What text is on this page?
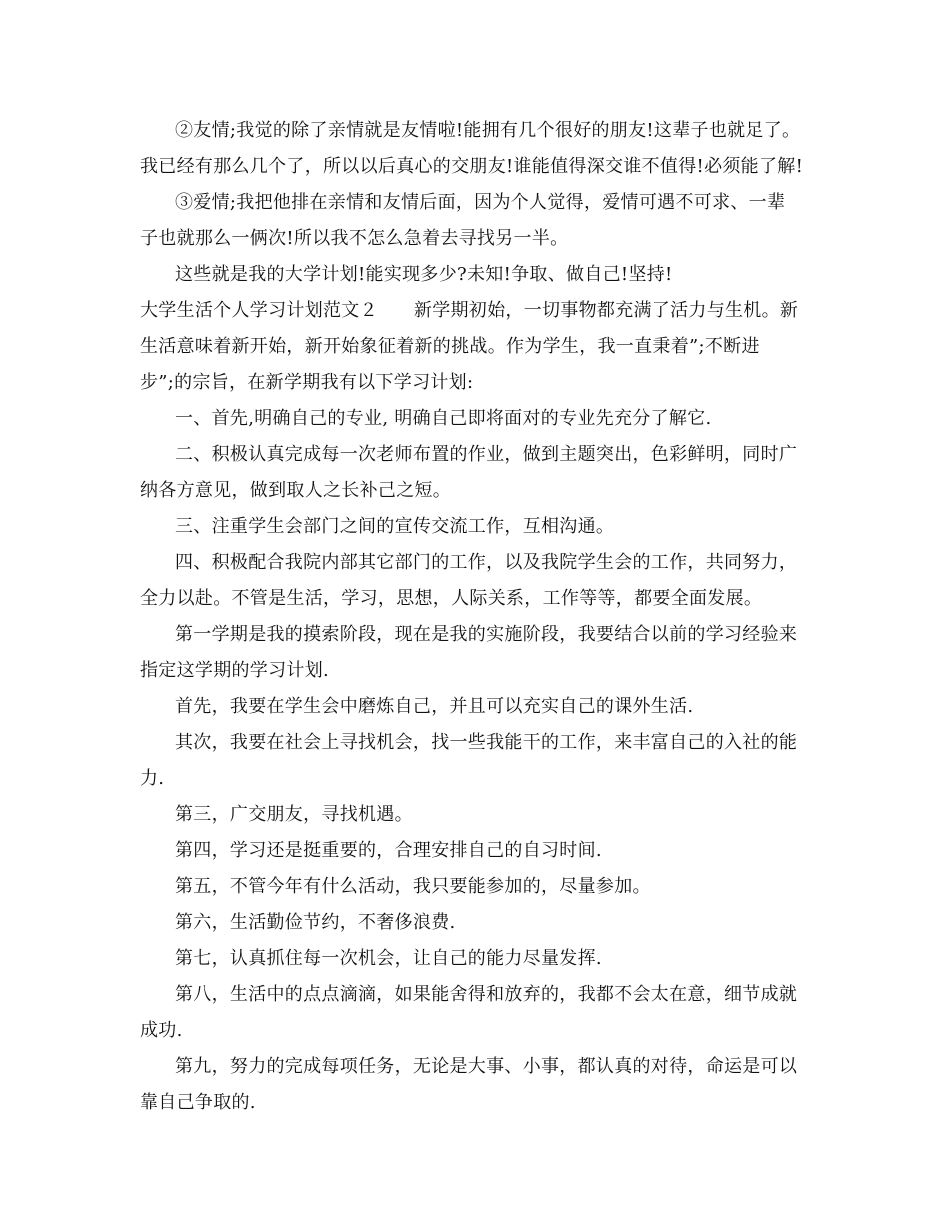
②友情;我觉的除了亲情就是友情啦!能拥有几个很好的朋友!这辈子也就足了。
我已经有那么几个了，所以以后真心的交朋友!谁能值得深交谁不值得!必须能了解!
③爱情;我把他排在亲情和友情后面，因为个人觉得，爱情可遇不可求、一辈
子也就那么一俩次!所以我不怎么急着去寻找另一半。
这些就是我的大学计划!能实现多少?未知!争取、做自己!坚持!
大学生活个人学习计划范文２ 新学期初始，一切事物都充满了活力与生机。新
生活意味着新开始，新开始象征着新的挑战。作为学生，我一直秉着”;不断进
步”;的宗旨，在新学期我有以下学习计划:
一、首先,明确自己的专业, 明确自己即将面对的专业先充分了解它.
二、积极认真完成每一次老师布置的作业，做到主题突出，色彩鲜明，同时广
纳各方意见，做到取人之长补己之短。
三、注重学生会部门之间的宣传交流工作，互相沟通。
四、积极配合我院内部其它部门的工作，以及我院学生会的工作，共同努力，
全力以赴。不管是生活，学习，思想，人际关系，工作等等，都要全面发展。
第一学期是我的摸索阶段，现在是我的实施阶段，我要结合以前的学习经验来
指定这学期的学习计划.
首先，我要在学生会中磨炼自己，并且可以充实自己的课外生活.
其次，我要在社会上寻找机会，找一些我能干的工作，来丰富自己的入社的能
力.
第三，广交朋友，寻找机遇。
第四，学习还是挺重要的，合理安排自己的自习时间.
第五，不管今年有什么活动，我只要能参加的，尽量参加。
第六，生活勤俭节约，不奢侈浪费.
第七，认真抓住每一次机会，让自己的能力尽量发挥.
第八，生活中的点点滴滴，如果能舍得和放弃的，我都不会太在意，细节成就
成功.
第九，努力的完成每项任务，无论是大事、小事，都认真的对待，命运是可以
靠自己争取的.
